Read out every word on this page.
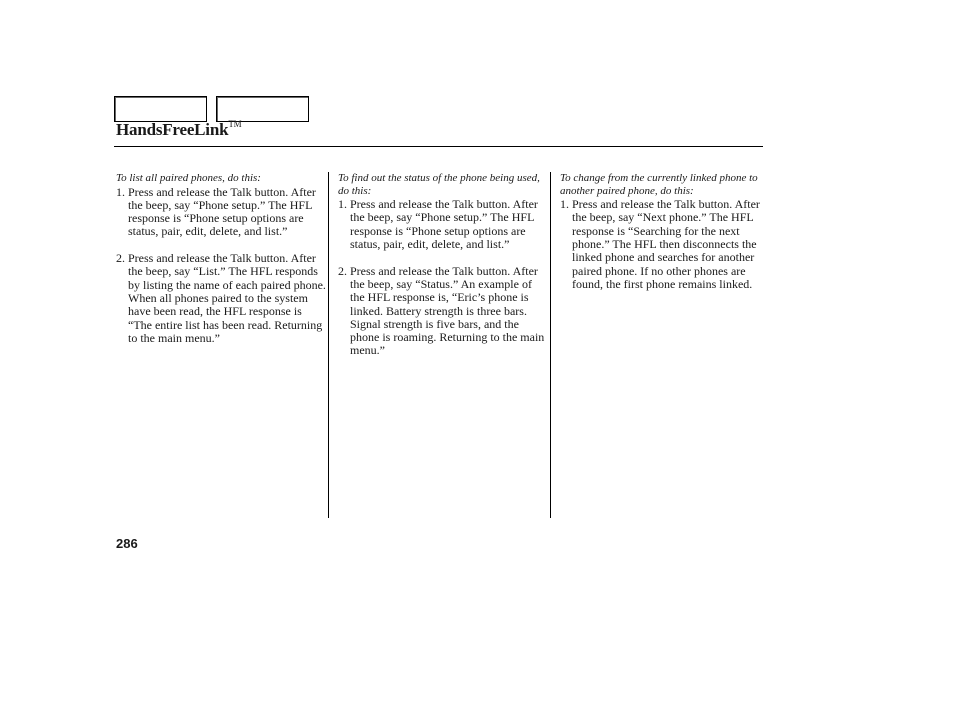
HandsFreeLink™

To list all paired phones, do this:

1. Press and release the Talk button. After the beep, say “Phone setup.” The HFL response is “Phone setup options are status, pair, edit, delete, and list.”
2. Press and release the Talk button. After the beep, say “List.” The HFL responds by listing the name of each paired phone. When all phones paired to the system have been read, the HFL response is “The entire list has been read. Returning to the main menu.”

To find out the status of the phone being used, do this:

1. Press and release the Talk button. After the beep, say “Phone setup.” The HFL response is “Phone setup options are status, pair, edit, delete, and list.”
2. Press and release the Talk button. After the beep, say “Status.” An example of the HFL response is, “Eric’s phone is linked. Battery strength is three bars. Signal strength is five bars, and the phone is roaming. Returning to the main menu.”

To change from the currently linked phone to another paired phone, do this:

1. Press and release the Talk button. After the beep, say “Next phone.” The HFL response is “Searching for the next phone.” The HFL then disconnects the linked phone and searches for another paired phone. If no other phones are found, the first phone remains linked.
286
